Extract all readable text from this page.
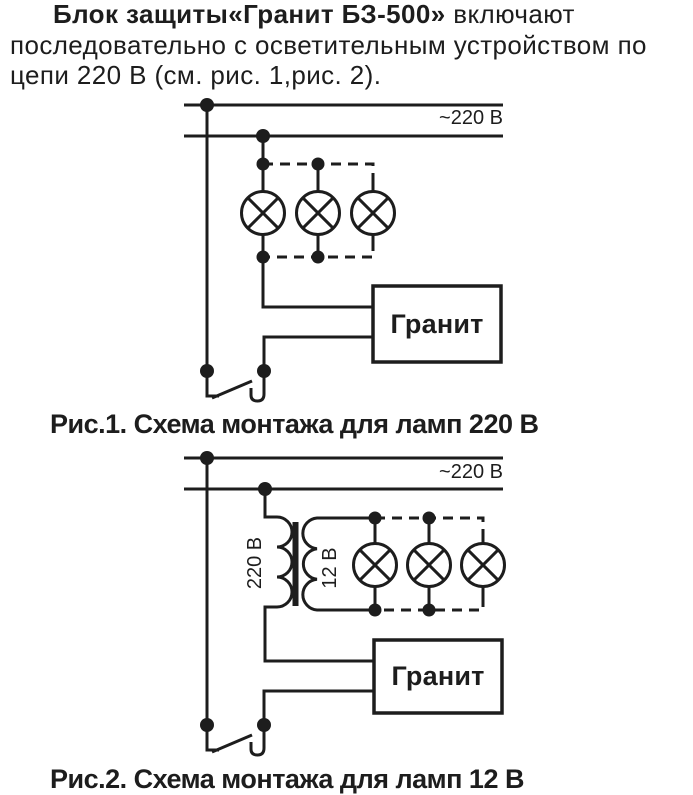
Блок защиты«Гранит БЗ-500» включают
последовательно с осветительным устройством по
цепи 220 В (см. рис. 1,рис. 2).

~220 В
Гранит
Рис.1. Схема монтажа для ламп 220 В
~220 В
220 В	12 В
Гранит
Рис.2. Схема монтажа для ламп 12 В
